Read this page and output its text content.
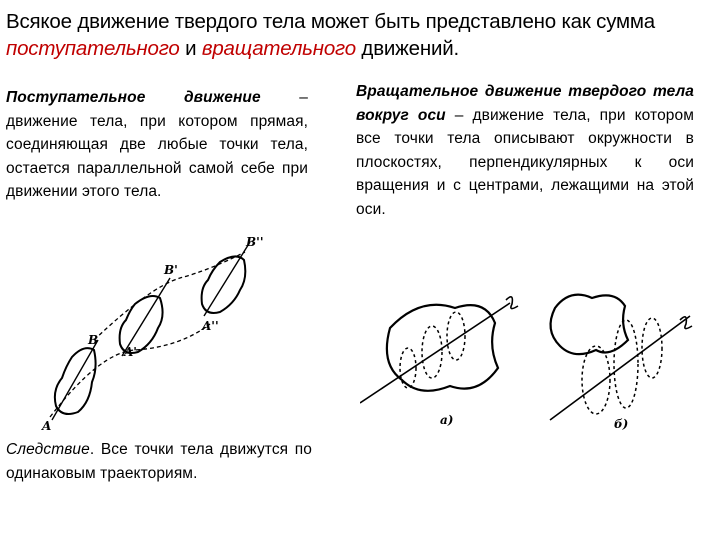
Всякое движение твердого тела может быть представлено как сумма поступательного и вращательного движений.
Поступательное движение – движение тела, при котором прямая, соединяющая две любые точки тела, остается параллельной самой себе при движении этого тела.
Вращательное движение твердого тела вокруг оси – движение тела, при котором все точки тела описывают окружности в плоскостях, перпендикулярных к оси вращения и с центрами, лежащими на этой оси.
Следствие. Все точки тела движутся по одинаковым траекториям.
A
B
A'
B'
A''
B''
а)	б)
